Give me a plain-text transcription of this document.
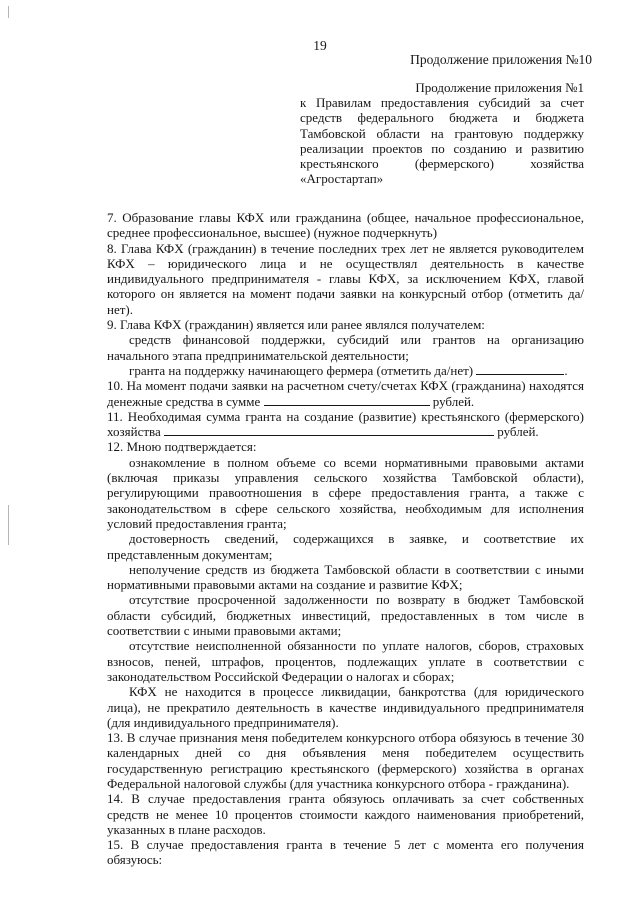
19
Продолжение приложения №10
Продолжение приложения №1
к Правилам предоставления субсидий за счет
средств федерального бюджета и бюджета
Тамбовской области на грантовую поддержку
реализации проектов по созданию и развитию
крестьянского (фермерского) хозяйства
«Агростартап»

7. Образование главы КФХ или гражданина (общее, начальное профессиональное, среднее профессиональное, высшее) (нужное подчеркнуть)

8. Глава КФХ (гражданин) в течение последних трех лет не является руководителем КФХ – юридического лица и не осуществлял деятельность в качестве индивидуального предпринимателя - главы КФХ, за исключением КФХ, главой которого он является на момент подачи заявки на конкурсный отбор (отметить да/нет).

9. Глава КФХ (гражданин) является или ранее являлся получателем:

средств финансовой поддержки, субсидий или грантов на организацию начального этапа предпринимательской деятельности;

гранта на поддержку начинающего фермера (отметить да/нет)	.

10. На момент подачи заявки на расчетном счету/счетах КФХ (гражданина) находятся денежные средства в сумме	рублей.

11. Необходимая сумма гранта на создание (развитие) крестьянского (фермерского) хозяйства	рублей.

12. Мною подтверждается:

ознакомление в полном объеме со всеми нормативными правовыми актами (включая приказы управления сельского хозяйства Тамбовской области), регулирующими правоотношения в сфере предоставления гранта, а также с законодательством в сфере сельского хозяйства, необходимым для исполнения условий предоставления гранта;

достоверность сведений, содержащихся в заявке, и соответствие их представленным документам;

неполучение средств из бюджета Тамбовской области в соответствии с иными нормативными правовыми актами на создание и развитие КФХ;

отсутствие просроченной задолженности по возврату в бюджет Тамбовской области субсидий, бюджетных инвестиций, предоставленных в том числе в соответствии с иными правовыми актами;

отсутствие неисполненной обязанности по уплате налогов, сборов, страховых взносов, пеней, штрафов, процентов, подлежащих уплате в соответствии с законодательством Российской Федерации о налогах и сборах;

КФХ не находится в процессе ликвидации, банкротства (для юридического лица), не прекратило деятельность в качестве индивидуального предпринимателя (для индивидуального предпринимателя).

13. В случае признания меня победителем конкурсного отбора обязуюсь в течение 30 календарных дней со дня объявления меня победителем осуществить государственную регистрацию крестьянского (фермерского) хозяйства в органах Федеральной налоговой службы (для участника конкурсного отбора - гражданина).

14. В случае предоставления гранта обязуюсь оплачивать за счет собственных средств не менее 10 процентов стоимости каждого наименования приобретений, указанных в плане расходов.

15. В случае предоставления гранта в течение 5 лет с момента его получения обязуюсь:
